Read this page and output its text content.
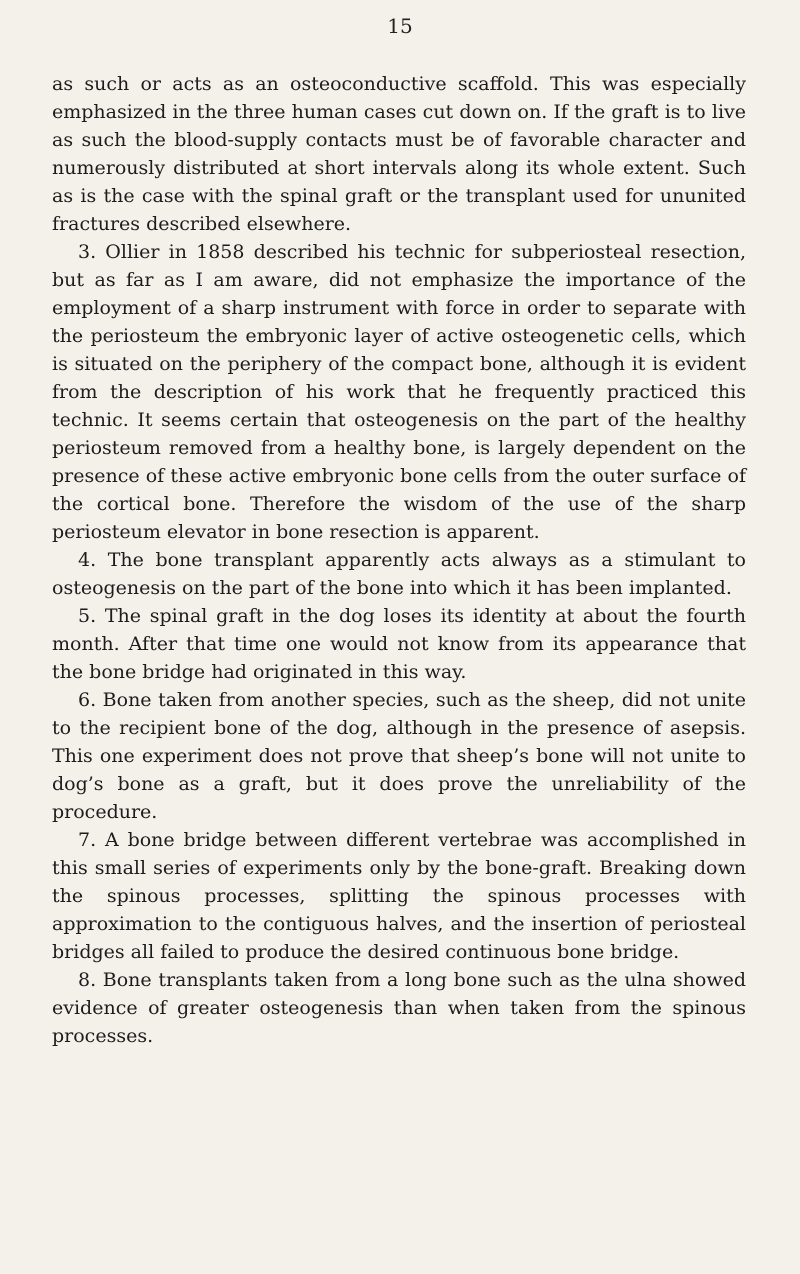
15

as such or acts as an osteoconductive scaffold. This was especially emphasized in the three human cases cut down on. If the graft is to live as such the blood-supply contacts must be of favorable character and numerously distributed at short intervals along its whole extent. Such as is the case with the spinal graft or the transplant used for ununited fractures described elsewhere.

3. Ollier in 1858 described his technic for subperiosteal resection, but as far as I am aware, did not emphasize the importance of the employment of a sharp instrument with force in order to separate with the periosteum the embryonic layer of active osteogenetic cells, which is situated on the periphery of the compact bone, although it is evident from the description of his work that he frequently practiced this technic. It seems certain that osteogenesis on the part of the healthy periosteum removed from a healthy bone, is largely dependent on the presence of these active embryonic bone cells from the outer surface of the cortical bone. Therefore the wisdom of the use of the sharp periosteum elevator in bone resection is apparent.

4. The bone transplant apparently acts always as a stimulant to osteogenesis on the part of the bone into which it has been implanted.

5. The spinal graft in the dog loses its identity at about the fourth month. After that time one would not know from its appearance that the bone bridge had originated in this way.

6. Bone taken from another species, such as the sheep, did not unite to the recipient bone of the dog, although in the presence of asepsis. This one experiment does not prove that sheep’s bone will not unite to dog’s bone as a graft, but it does prove the unreliability of the procedure.

7. A bone bridge between different vertebrae was accomplished in this small series of experiments only by the bone-graft. Breaking down the spinous processes, splitting the spinous processes with approximation to the contiguous halves, and the insertion of periosteal bridges all failed to produce the desired continuous bone bridge.

8. Bone transplants taken from a long bone such as the ulna showed evidence of greater osteogenesis than when taken from the spinous processes.
